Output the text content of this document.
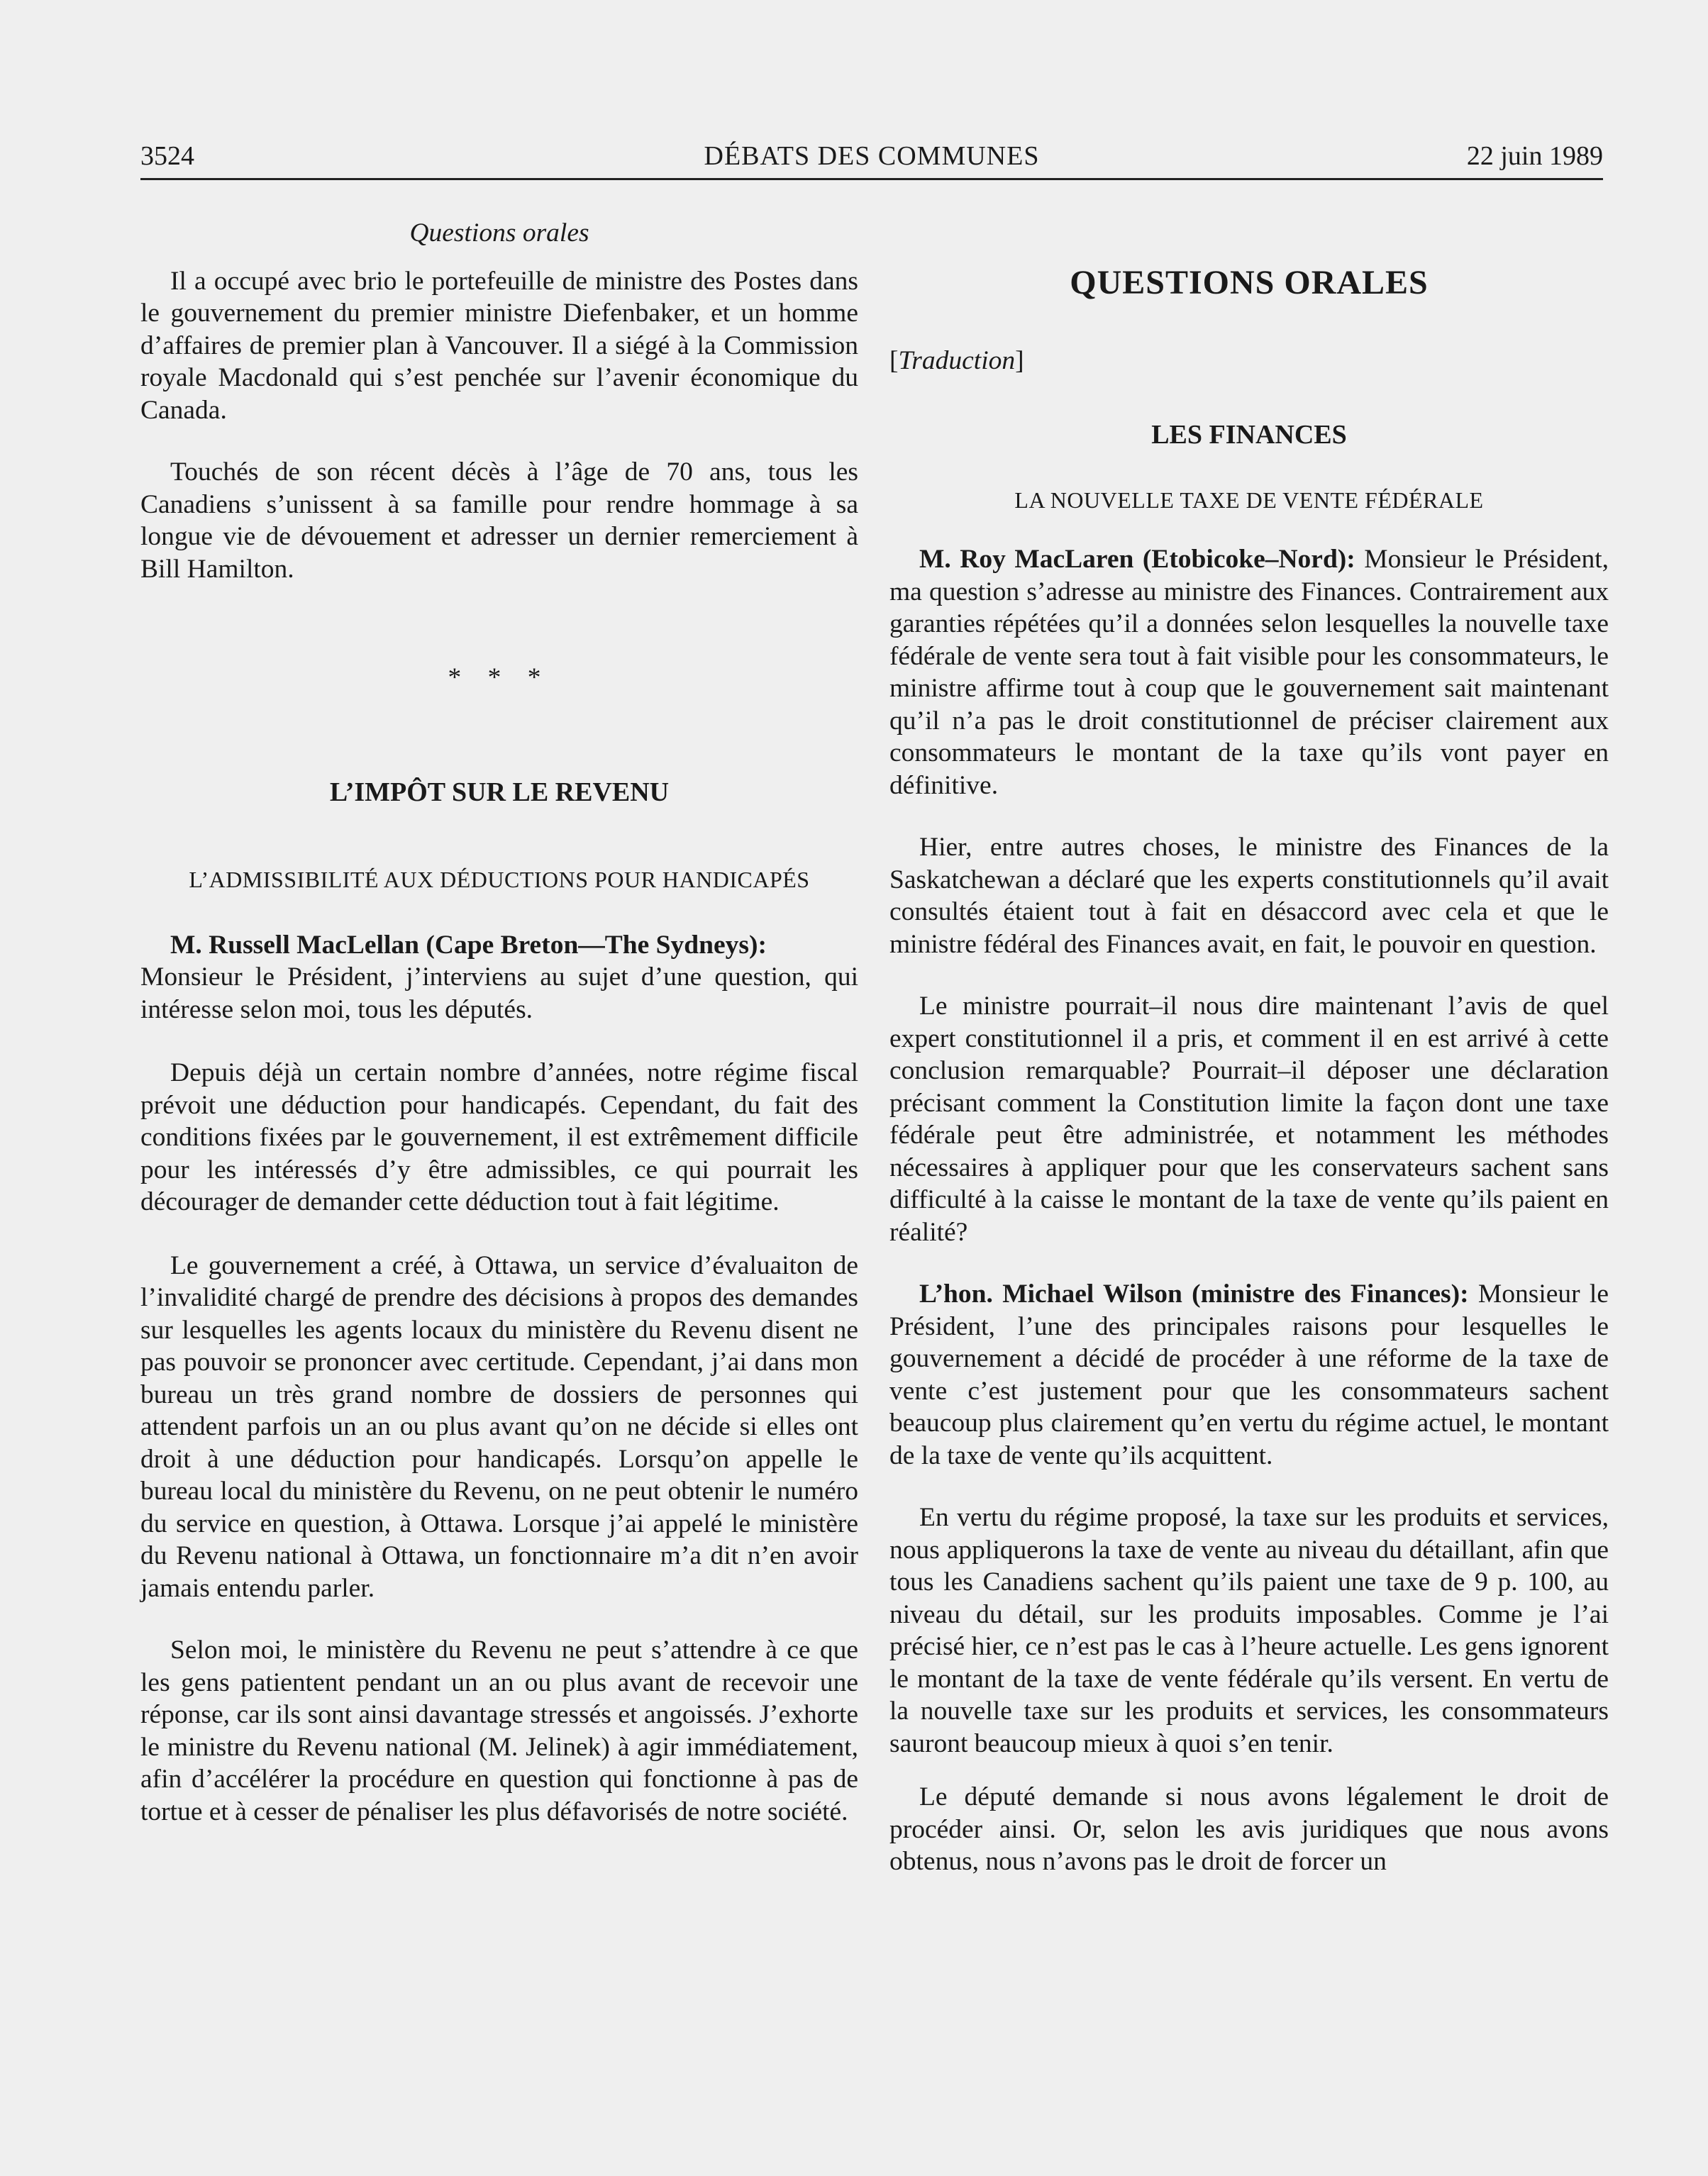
3524	DÉBATS DES COMMUNES	22 juin 1989

Questions orales

Il a occupé avec brio le portefeuille de ministre des Postes dans le gouvernement du premier ministre Diefenbaker, et un homme d’affaires de premier plan à Vancouver. Il a siégé à la Commission royale Macdonald qui s’est penchée sur l’avenir économique du Canada.

Touchés de son récent décès à l’âge de 70 ans, tous les Canadiens s’unissent à sa famille pour rendre hommage à sa longue vie de dévouement et adresser un dernier remerciement à Bill Hamilton.

* * *

L’IMPÔT SUR LE REVENU

L’ADMISSIBILITÉ AUX DÉDUCTIONS POUR HANDICAPÉS

M. Russell MacLellan (Cape Breton—The Sydneys):

Monsieur le Président, j’interviens au sujet d’une question, qui intéresse selon moi, tous les députés.

Depuis déjà un certain nombre d’années, notre régime fiscal prévoit une déduction pour handicapés. Cependant, du fait des conditions fixées par le gouvernement, il est extrêmement difficile pour les intéressés d’y être admissibles, ce qui pourrait les décourager de demander cette déduction tout à fait légitime.

Le gouvernement a créé, à Ottawa, un service d’évaluaiton de l’invalidité chargé de prendre des décisions à propos des demandes sur lesquelles les agents locaux du ministère du Revenu disent ne pas pouvoir se prononcer avec certitude. Cependant, j’ai dans mon bureau un très grand nombre de dossiers de personnes qui attendent parfois un an ou plus avant qu’on ne décide si elles ont droit à une déduction pour handicapés. Lorsqu’on appelle le bureau local du ministère du Revenu, on ne peut obtenir le numéro du service en question, à Ottawa. Lorsque j’ai appelé le ministère du Revenu national à Ottawa, un fonctionnaire m’a dit n’en avoir jamais entendu parler.

Selon moi, le ministère du Revenu ne peut s’attendre à ce que les gens patientent pendant un an ou plus avant de recevoir une réponse, car ils sont ainsi davantage stressés et angoissés. J’exhorte le ministre du Revenu national (M. Jelinek) à agir immédiatement, afin d’accélérer la procédure en question qui fonctionne à pas de tortue et à cesser de pénaliser les plus défavorisés de notre société.

QUESTIONS ORALES

[Traduction]

LES FINANCES

LA NOUVELLE TAXE DE VENTE FÉDÉRALE

M. Roy MacLaren (Etobicoke–Nord): Monsieur le Président, ma question s’adresse au ministre des Finances. Contrairement aux garanties répétées qu’il a données selon lesquelles la nouvelle taxe fédérale de vente sera tout à fait visible pour les consommateurs, le ministre affirme tout à coup que le gouvernement sait maintenant qu’il n’a pas le droit constitutionnel de préciser clairement aux consommateurs le montant de la taxe qu’ils vont payer en définitive.

Hier, entre autres choses, le ministre des Finances de la Saskatchewan a déclaré que les experts constitutionnels qu’il avait consultés étaient tout à fait en désaccord avec cela et que le ministre fédéral des Finances avait, en fait, le pouvoir en question.

Le ministre pourrait–il nous dire maintenant l’avis de quel expert constitutionnel il a pris, et comment il en est arrivé à cette conclusion remarquable? Pourrait–il déposer une déclaration précisant comment la Constitution limite la façon dont une taxe fédérale peut être administrée, et notamment les méthodes nécessaires à appliquer pour que les conservateurs sachent sans difficulté à la caisse le montant de la taxe de vente qu’ils paient en réalité?

L’hon. Michael Wilson (ministre des Finances): Monsieur le Président, l’une des principales raisons pour lesquelles le gouvernement a décidé de procéder à une réforme de la taxe de vente c’est justement pour que les consommateurs sachent beaucoup plus clairement qu’en vertu du régime actuel, le montant de la taxe de vente qu’ils acquittent.

En vertu du régime proposé, la taxe sur les produits et services, nous appliquerons la taxe de vente au niveau du détaillant, afin que tous les Canadiens sachent qu’ils paient une taxe de 9 p. 100, au niveau du détail, sur les produits imposables. Comme je l’ai précisé hier, ce n’est pas le cas à l’heure actuelle. Les gens ignorent le montant de la taxe de vente fédérale qu’ils versent. En vertu de la nouvelle taxe sur les produits et services, les consommateurs sauront beaucoup mieux à quoi s’en tenir.

Le député demande si nous avons légalement le droit de procéder ainsi. Or, selon les avis juridiques que nous avons obtenus, nous n’avons pas le droit de forcer un
